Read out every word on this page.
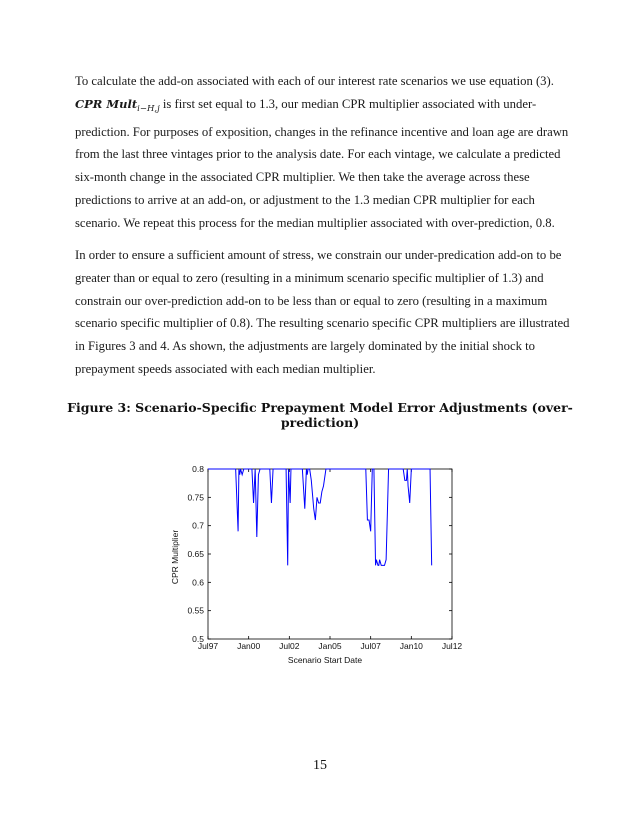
To calculate the add-on associated with each of our interest rate scenarios we use equation (3). CPR Mult$_{i-H,j}$ is first set equal to 1.3, our median CPR multiplier associated with under-prediction. For purposes of exposition, changes in the refinance incentive and loan age are drawn from the last three vintages prior to the analysis date. For each vintage, we calculate a predicted six-month change in the associated CPR multiplier. We then take the average across these predictions to arrive at an add-on, or adjustment to the 1.3 median CPR multiplier for each scenario. We repeat this process for the median multiplier associated with over-prediction, 0.8.

In order to ensure a sufficient amount of stress, we constrain our under-predication add-on to be greater than or equal to zero (resulting in a minimum scenario specific multiplier of 1.3) and constrain our over-prediction add-on to be less than or equal to zero (resulting in a maximum scenario specific multiplier of 0.8). The resulting scenario specific CPR multipliers are illustrated in Figures 3 and 4. As shown, the adjustments are largely dominated by the initial shock to prepayment speeds associated with each median multiplier.

Figure 3: Scenario-Specific Prepayment Model Error Adjustments (over-prediction)
0.5
0.55
0.6
0.65
0.7
0.75
0.8
Jul97 Jan00 Jul02 Jan05 Jul07 Jan10 Jul12
Scenario Start Date
CPR Multiplier
15
